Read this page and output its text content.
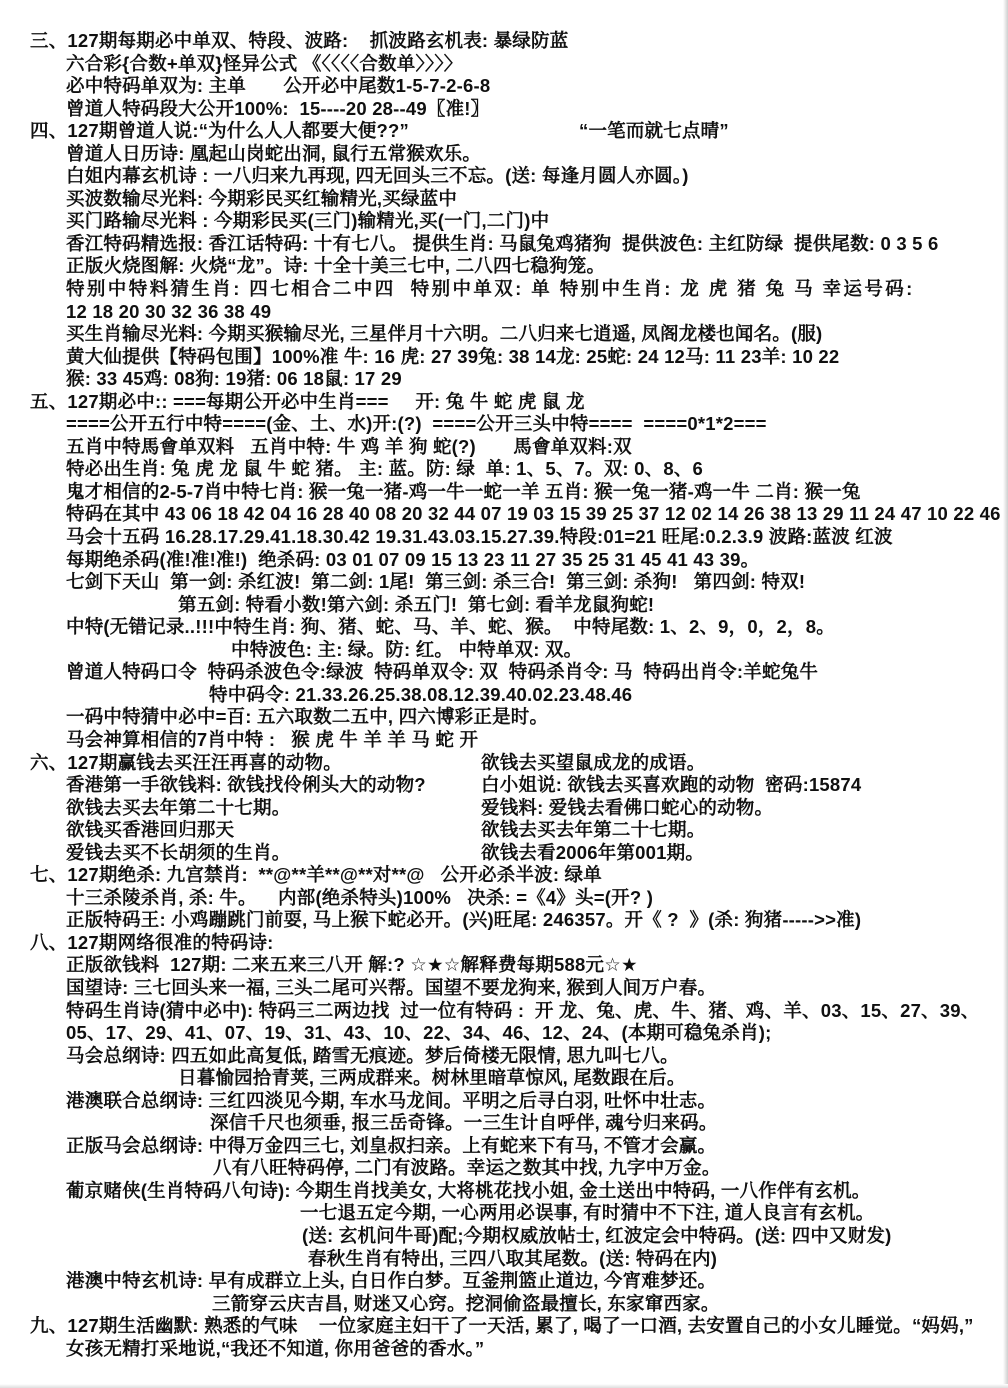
三、127期每期必中单双、特段、波路:    抓波路玄机表: 暴绿防蓝
六合彩{合数+单双}怪异公式 《〈〈〈〈合数单〉〉〉〉
必中特码单双为: 主单       公开必中尾数1-5-7-2-6-8
曾道人特码段大公开100%:  15----20 28--49〖准!〗
四、127期曾道人说:“为什么人人都要大便??”	“一笔而就七点晴”
曾道人日历诗: 凰起山岗蛇出洞, 鼠行五常猴欢乐。
白姐内幕玄机诗 : 一八归来九再现, 四无回头三不忘。(送: 每逢月圆人亦圆。)
买波数输尽光料: 今期彩民买红输精光,买绿蓝中
买门路输尽光料 : 今期彩民买(三门)输精光,买(一门,二门)中
香江特码精选报: 香江话特码: 十有七八。 提供生肖: 马鼠兔鸡猪狗  提供波色: 主红防绿  提供尾数: 0 3 5 6
正版火烧图解: 火烧“龙”。诗: 十全十美三七中, 二八四七稳狗笼。
特别中特料猜生肖: 四七相合二中四  特别中单双: 单 特别中生肖: 龙 虎 猪 兔 马 幸运号码:
12 18 20 30 32 36 38 49
买生肖输尽光料: 今期买猴输尽光, 三星伴月十六明。二八归来七逍遥, 凤阁龙楼也闻名。(服)
黄大仙提供【特码包围】100%准 牛: 16 虎: 27 39兔: 38 14龙: 25蛇: 24 12马: 11 23羊: 10 22
猴: 33 45鸡: 08狗: 19猪: 06 18鼠: 17 29
五、127期必中:: ===每期公开必中生肖===     开: 兔 牛 蛇 虎 鼠 龙
====公开五行中特====(金、土、水)开:(?)  ====公开三头中特====  ====0*1*2===
五肖中特馬會单双料   五肖中特: 牛 鸡 羊 狗 蛇(?)       馬會单双料:双
特必出生肖: 兔 虎 龙 鼠 牛 蛇 猪。 主: 蓝。防: 绿  单: 1、5、7。双: 0、8、6
鬼才相信的2-5-7肖中特七肖: 猴一兔一猪-鸡一牛一蛇一羊 五肖: 猴一兔一猪-鸡一牛 二肖: 猴一兔
特码在其中 43 06 18 42 04 16 28 40 08 20 32 44 07 19 03 15 39 25 37 12 02 14 26 38 13 29 11 24 47 10 22 46
马会十五码 16.28.17.29.41.18.30.42 19.31.43.03.15.27.39.特段:01=21 旺尾:0.2.3.9 波路:蓝波 红波
每期绝杀码(准!准!准!)  绝杀码: 03 01 07 09 15 13 23 11 27 35 25 31 45 41 43 39。
七剑下天山  第一剑: 杀红波!  第二剑: 1尾!  第三剑: 杀三合!  第三剑: 杀狗!   第四剑: 特双!
第五剑: 特看小数!第六剑: 杀五门!  第七剑: 看羊龙鼠狗蛇!
中特(无错记录..!!!中特生肖: 狗、猪、蛇、马、羊、蛇、猴。  中特尾数: 1、2、9，0，2，8。
中特波色: 主: 绿。防: 红。 中特单双: 双。
曾道人特码口令  特码杀波色令:绿波  特码单双令: 双  特码杀肖令: 马  特码出肖令:羊蛇兔牛
特中码令: 21.33.26.25.38.08.12.39.40.02.23.48.46
一码中特猜中必中=百: 五六取数二五中, 四六博彩正是时。
马会神算相信的7肖中特 :   猴 虎 牛 羊 羊 马 蛇 开
六、127期赢钱去买汪汪再喜的动物。	欲钱去买望鼠成龙的成语。
香港第一手欲钱料: 欲钱找伶俐头大的动物?	白小姐说: 欲钱去买喜欢跑的动物  密码:15874
欲钱去买去年第二十七期。	爱钱料: 爱钱去看佛口蛇心的动物。
欲钱买香港回归那天	欲钱去买去年第二十七期。
爱钱去买不长胡须的生肖。	欲钱去看2006年第001期。
七、127期绝杀: 九宫禁肖:  **@**羊**@**对**@   公开必杀半波: 绿单
十三杀陵杀肖, 杀: 牛。    内部(绝杀特头)100%   决杀: =《4》头=(开? )
正版特码王: 小鸡蹦跳门前耍, 马上猴下蛇必开。(兴)旺尾: 246357。开《 ?  》(杀: 狗猪----->>准)
八、127期网络很准的特码诗:
正版欲钱料  127期: 二来五来三八开 解:? ☆★☆解释费每期588元☆★
国望诗: 三七回头来一福, 三头二尾可兴帮。国望不要龙狗来, 猴到人间万户春。
特码生肖诗(猜中必中): 特码三二两边找  过一位有特码 :  开 龙、兔、虎、牛、猪、鸡、羊、03、15、27、39、
05、17、29、41、07、19、31、43、10、22、34、46、12、24、(本期可稳兔杀肖);
马会总纲诗: 四五如此高复低, 踏雪无痕迹。梦后倚楼无限情, 思九叫七八。
日暮愉园拾青荚, 三两成群来。树林里暗草惊风, 尾数跟在后。
港澳联合总纲诗: 三红四淡见今期, 车水马龙间。平明之后寻白羽, 吐怀中壮志。
深信千尺也须垂, 报三岳奇锋。一三生计自呼伴, 魂兮归来码。
正版马会总纲诗: 中得万金四三七, 刘皇叔扫亲。上有蛇来下有马, 不管才会赢。
八有八旺特码停, 二门有波路。幸运之数其中找, 九字中万金。
葡京赌侠(生肖特码八句诗): 今期生肖找美女, 大将桃花找小姐, 金土送出中特码, 一八作伴有玄机。
一七退五定今期, 一心两用必误事, 有时猜中不下注, 道人良言有玄机。
(送: 玄机问牛哥)配;今期权威放帖士, 红波定会中特码。(送: 四中又财发)
春秋生肖有特出, 三四八取其尾数。(送: 特码在内)
港澳中特玄机诗: 早有成群立上头, 白日作白梦。互釜荆篮止道边, 今宵难梦还。
三箭穿云庆吉昌, 财迷又心窍。挖洞偷盗最擅长, 东家窜西家。
九、127期生活幽默: 熟悉的气味    一位家庭主妇干了一天活, 累了, 喝了一口酒, 去安置自己的小女儿睡觉。“妈妈,”
女孩无精打采地说,“我还不知道, 你用爸爸的香水。”
